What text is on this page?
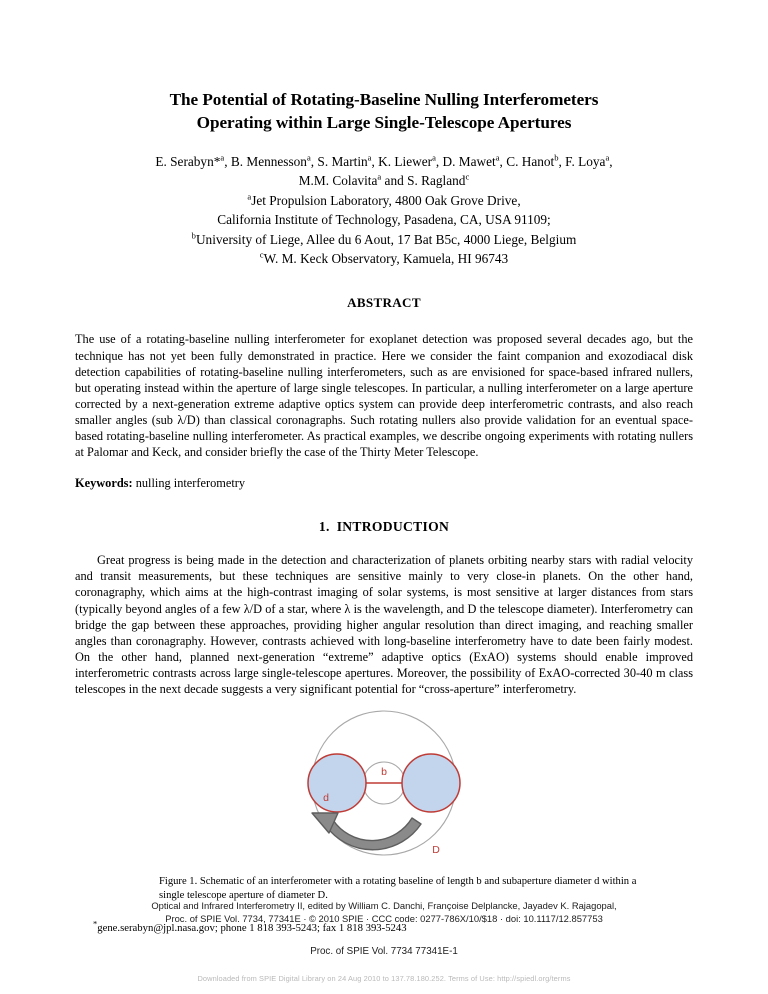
The Potential of Rotating-Baseline Nulling Interferometers
Operating within Large Single-Telescope Apertures
E. Serabyn*$^a$, B. Mennesson$^a$, S. Martin$^a$, K. Liewer$^a$, D. Mawet$^a$, C. Hanot$^b$, F. Loya$^a$,
M.M. Colavita$^a$ and S. Ragland$^c$
$^a$Jet Propulsion Laboratory, 4800 Oak Grove Drive,
California Institute of Technology, Pasadena, CA, USA 91109;
$^b$University of Liege, Allee du 6 Aout, 17 Bat B5c, 4000 Liege, Belgium
$^c$W. M. Keck Observatory, Kamuela, HI 96743
ABSTRACT
The use of a rotating-baseline nulling interferometer for exoplanet detection was proposed several decades ago, but the technique has not yet been fully demonstrated in practice. Here we consider the faint companion and exozodiacal disk detection capabilities of rotating-baseline nulling interferometers, such as are envisioned for space-based infrared nullers, but operating instead within the aperture of large single telescopes. In particular, a nulling interferometer on a large aperture corrected by a next-generation extreme adaptive optics system can provide deep interferometric contrasts, and also reach smaller angles (sub λ/D) than classical coronagraphs. Such rotating nullers also provide validation for an eventual space-based rotating-baseline nulling interferometer. As practical examples, we describe ongoing experiments with rotating nullers at Palomar and Keck, and consider briefly the case of the Thirty Meter Telescope.
Keywords: nulling interferometry
1. INTRODUCTION
Great progress is being made in the detection and characterization of planets orbiting nearby stars with radial velocity and transit measurements, but these techniques are sensitive mainly to very close-in planets. On the other hand, coronagraphy, which aims at the high-contrast imaging of solar systems, is most sensitive at larger distances from stars (typically beyond angles of a few λ/D of a star, where λ is the wavelength, and D the telescope diameter). Interferometry can bridge the gap between these approaches, providing higher angular resolution than direct imaging, and reaching smaller angles than coronagraphy. However, contrasts achieved with long-baseline interferometry have to date been fairly modest. On the other hand, planned next-generation “extreme” adaptive optics (ExAO) systems should enable improved interferometric contrasts across large single-telescope apertures. Moreover, the possibility of ExAO-corrected 30-40 m class telescopes in the next decade suggests a very significant potential for “cross-aperture” interferometry.
b
d
D
Figure 1. Schematic of an interferometer with a rotating baseline of length b and subaperture diameter d within a single telescope aperture of diameter D.
*gene.serabyn@jpl.nasa.gov; phone 1 818 393-5243; fax 1 818 393-5243
Optical and Infrared Interferometry II, edited by William C. Danchi, Françoise Delplancke, Jayadev K. Rajagopal,
Proc. of SPIE Vol. 7734, 77341E · © 2010 SPIE · CCC code: 0277-786X/10/$18 · doi: 10.1117/12.857753
Proc. of SPIE Vol. 7734 77341E-1
Downloaded from SPIE Digital Library on 24 Aug 2010 to 137.78.180.252. Terms of Use: http://spiedl.org/terms
